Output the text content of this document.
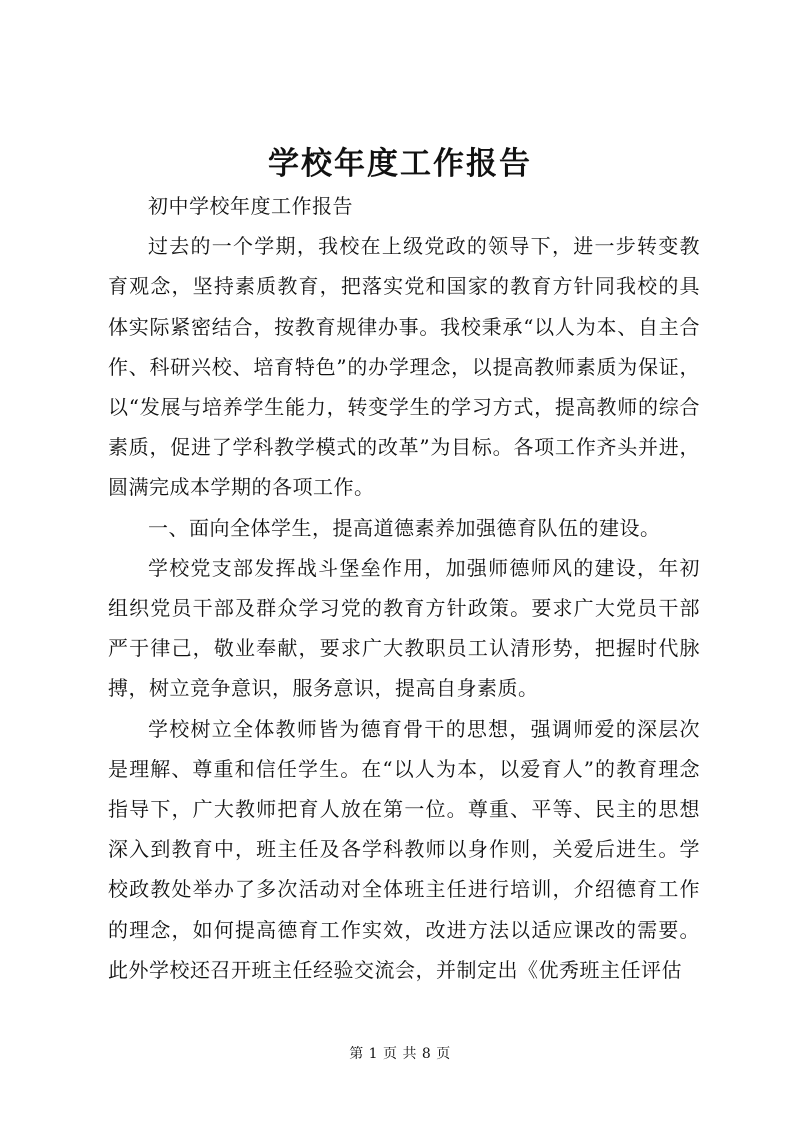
学校年度工作报告

初中学校年度工作报告

过去的一个学期，我校在上级党政的领导下，进一步转变教育观念，坚持素质教育，把落实党和国家的教育方针同我校的具体实际紧密结合，按教育规律办事。我校秉承“以人为本、自主合作、科研兴校、培育特色”的办学理念，以提高教师素质为保证，以“发展与培养学生能力，转变学生的学习方式，提高教师的综合素质，促进了学科教学模式的改革”为目标。各项工作齐头并进，圆满完成本学期的各项工作。

一、面向全体学生，提高道德素养加强德育队伍的建设。

学校党支部发挥战斗堡垒作用，加强师德师风的建设，年初组织党员干部及群众学习党的教育方针政策。要求广大党员干部严于律己，敬业奉献，要求广大教职员工认清形势，把握时代脉搏，树立竞争意识，服务意识，提高自身素质。

学校树立全体教师皆为德育骨干的思想，强调师爱的深层次是理解、尊重和信任学生。在“以人为本，以爱育人”的教育理念指导下，广大教师把育人放在第一位。尊重、平等、民主的思想深入到教育中，班主任及各学科教师以身作则，关爱后进生。学校政教处举办了多次活动对全体班主任进行培训，介绍德育工作的理念，如何提高德育工作实效，改进方法以适应课改的需要。此外学校还召开班主任经验交流会，并制定出《优秀班主任评估

第 1 页 共 8 页
